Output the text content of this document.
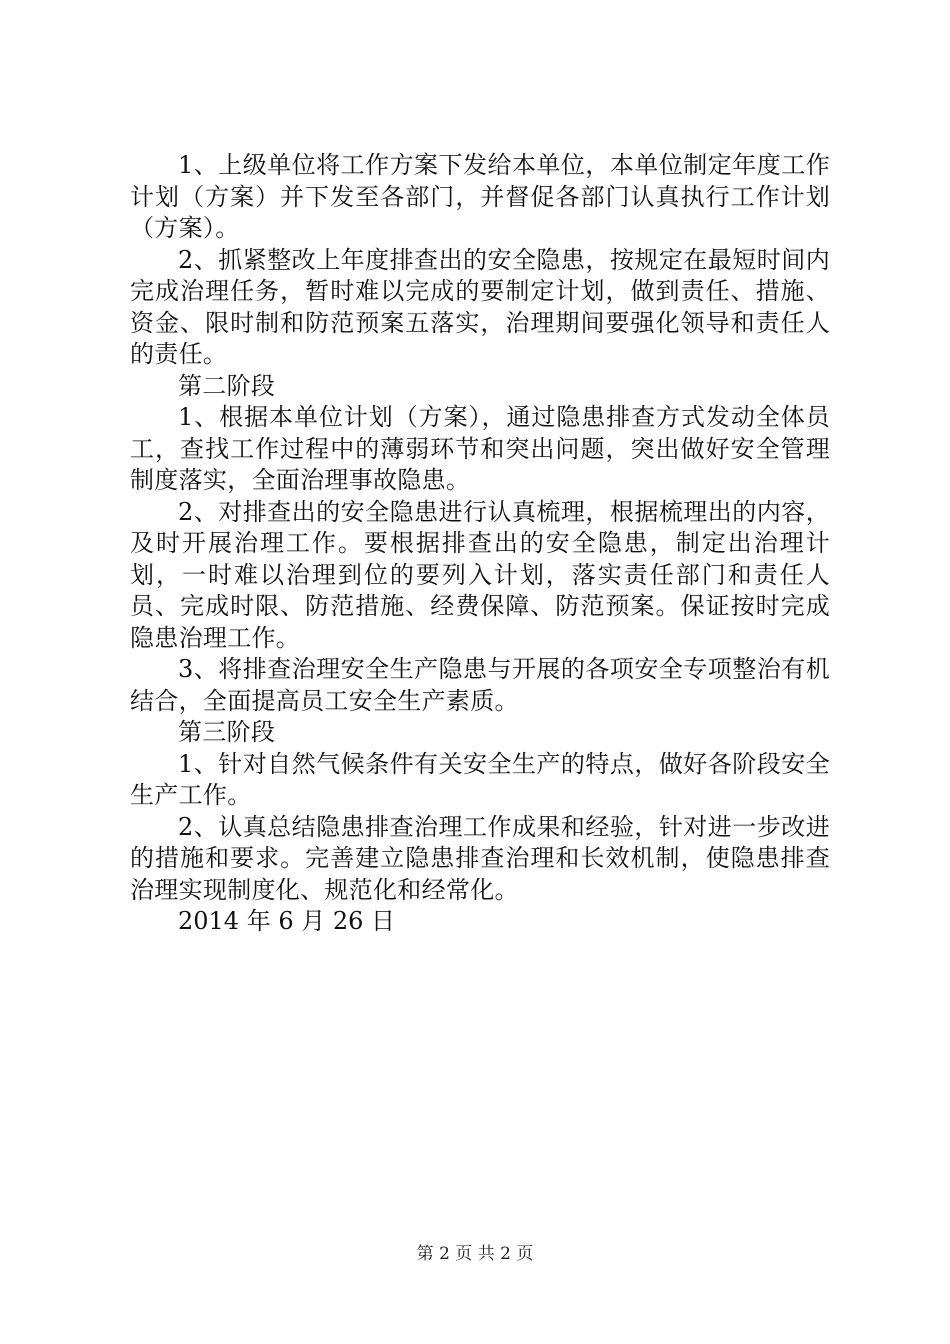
1、上级单位将工作方案下发给本单位，本单位制定年度工作计划（方案）并下发至各部门，并督促各部门认真执行工作计划（方案）。

2、抓紧整改上年度排查出的安全隐患，按规定在最短时间内完成治理任务，暂时难以完成的要制定计划，做到责任、措施、资金、限时制和防范预案五落实，治理期间要强化领导和责任人的责任。

第二阶段

1、根据本单位计划（方案），通过隐患排查方式发动全体员工，查找工作过程中的薄弱环节和突出问题，突出做好安全管理制度落实，全面治理事故隐患。

2、对排查出的安全隐患进行认真梳理，根据梳理出的内容，及时开展治理工作。要根据排查出的安全隐患，制定出治理计划，一时难以治理到位的要列入计划，落实责任部门和责任人员、完成时限、防范措施、经费保障、防范预案。保证按时完成隐患治理工作。

3、将排查治理安全生产隐患与开展的各项安全专项整治有机结合，全面提高员工安全生产素质。

第三阶段

1、针对自然气候条件有关安全生产的特点，做好各阶段安全生产工作。

2、认真总结隐患排查治理工作成果和经验，针对进一步改进的措施和要求。完善建立隐患排查治理和长效机制，使隐患排查治理实现制度化、规范化和经常化。

2014 年 6 月 26 日

第 2 页 共 2 页
